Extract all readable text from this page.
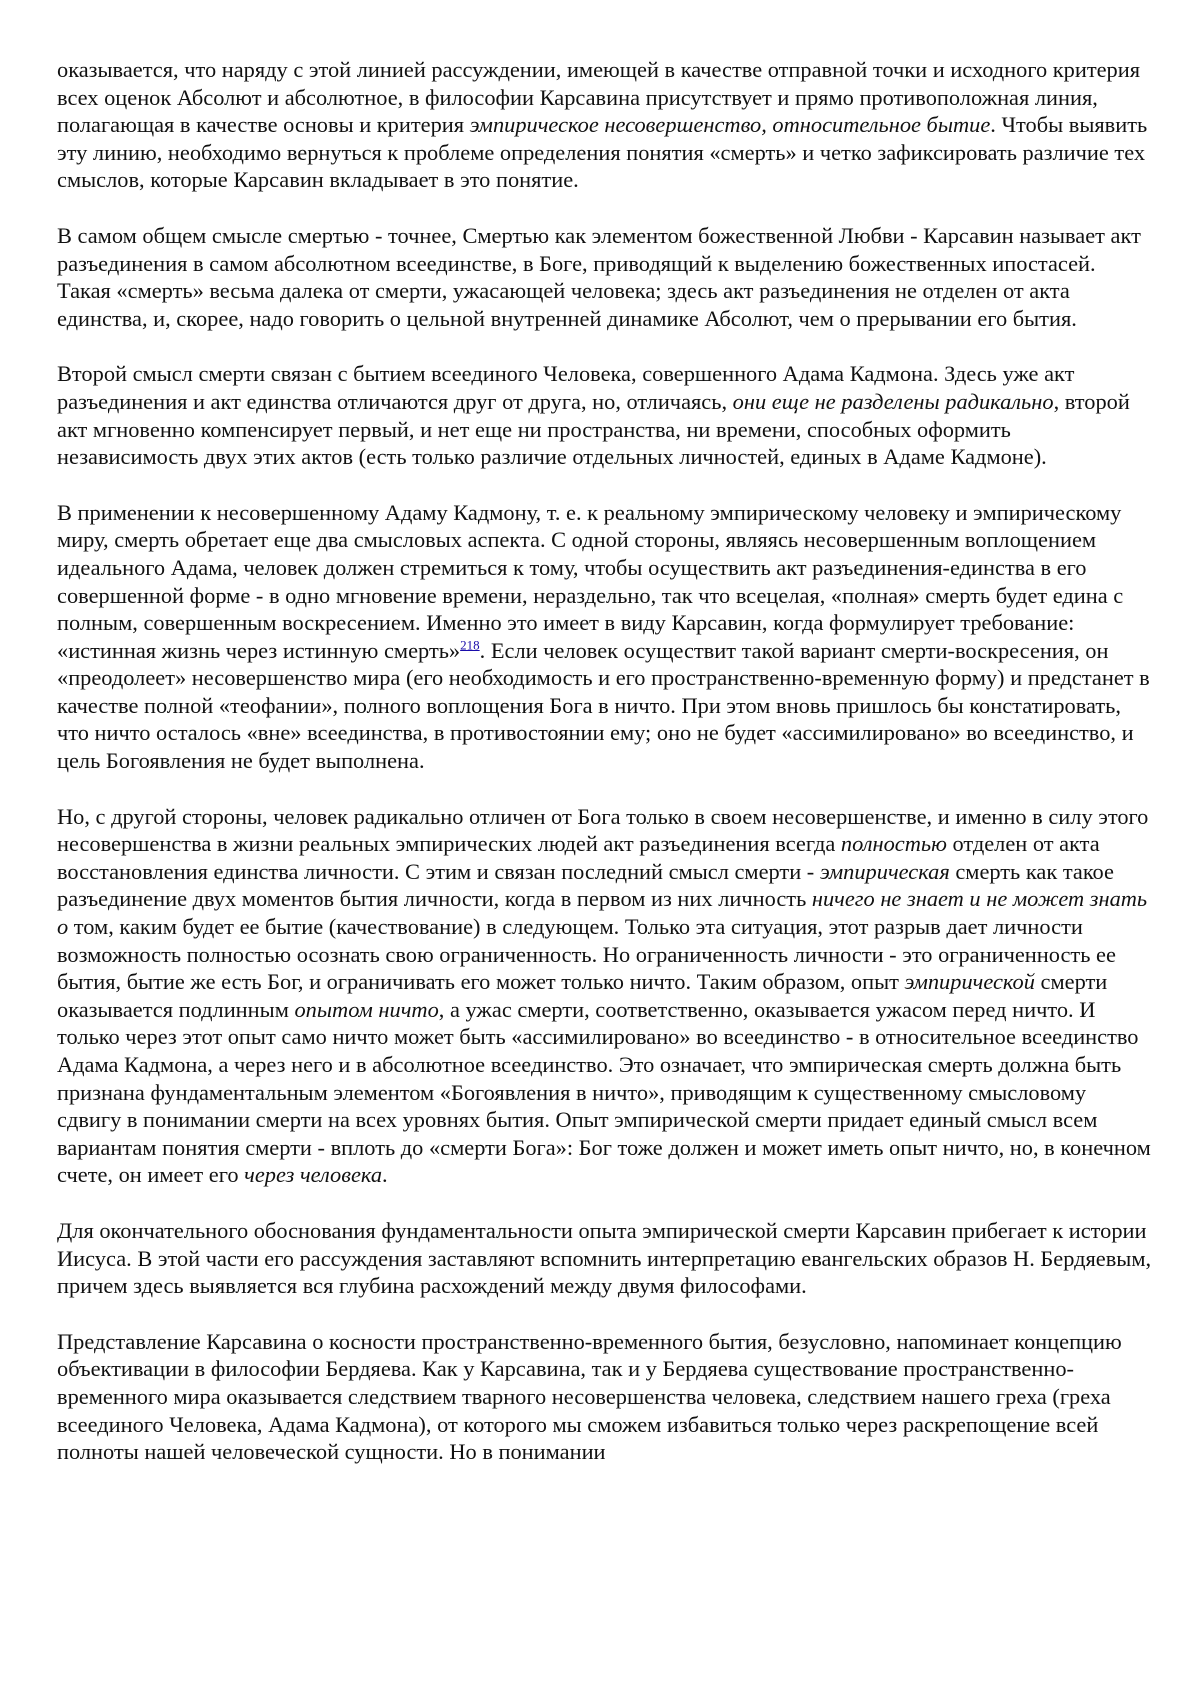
оказывается, что наряду с этой линией рассуждении, имеющей в качестве отправной точки и исходного критерия всех оценок Абсолют и абсолютное, в философии Карсавина присутствует и прямо противоположная линия, полагающая в качестве основы и критерия эмпирическое несовершенство, относительное бытие. Чтобы выявить эту линию, необходимо вернуться к проблеме определения понятия «смерть» и четко зафиксировать различие тех смыслов, которые Карсавин вкладывает в это понятие.

В самом общем смысле смертью - точнее, Смертью как элементом божественной Любви - Карсавин называет акт разъединения в самом абсолютном всеединстве, в Боге, приводящий к выделению божественных ипостасей. Такая «смерть» весьма далека от смерти, ужасающей человека; здесь акт разъединения не отделен от акта единства, и, скорее, надо говорить о цельной внутренней динамике Абсолют, чем о прерывании его бытия.

Второй смысл смерти связан с бытием всеединого Человека, совершенного Адама Кадмона. Здесь уже акт разъединения и акт единства отличаются друг от друга, но, отличаясь, они еще не разделены радикально, второй акт мгновенно компенсирует первый, и нет еще ни пространства, ни времени, способных оформить независимость двух этих актов (есть только различие отдельных личностей, единых в Адаме Кадмоне).

В применении к несовершенному Адаму Кадмону, т. е. к реальному эмпирическому человеку и эмпирическому миру, смерть обретает еще два смысловых аспекта. С одной стороны, являясь несовершенным воплощением идеального Адама, человек должен стремиться к тому, чтобы осуществить акт разъединения-единства в его совершенной форме - в одно мгновение времени, нераздельно, так что всецелая, «полная» смерть будет едина с полным, совершенным воскресением. Именно это имеет в виду Карсавин, когда формулирует требование: «истинная жизнь через истинную смерть»$^{218}$. Если человек осуществит такой вариант смерти-воскресения, он «преодолеет» несовершенство мира (его необходимость и его пространственно-временную форму) и предстанет в качестве полной «теофании», полного воплощения Бога в ничто. При этом вновь пришлось бы констатировать, что ничто осталось «вне» всеединства, в противостоянии ему; оно не будет «ассимилировано» во всеединство, и цель Богоявления не будет выполнена.

Но, с другой стороны, человек радикально отличен от Бога только в своем несовершенстве, и именно в силу этого несовершенства в жизни реальных эмпирических людей акт разъединения всегда полностью отделен от акта восстановления единства личности. С этим и связан последний смысл смерти - эмпирическая смерть как такое разъединение двух моментов бытия личности, когда в первом из них личность ничего не знает и не может знать о том, каким будет ее бытие (качествование) в следующем. Только эта ситуация, этот разрыв дает личности возможность полностью осознать свою ограниченность. Но ограниченность личности - это ограниченность ее бытия, бытие же есть Бог, и ограничивать его может только ничто. Таким образом, опыт эмпирической смерти оказывается подлинным опытом ничто, а ужас смерти, соответственно, оказывается ужасом перед ничто. И только через этот опыт само ничто может быть «ассимилировано» во всеединство - в относительное всеединство Адама Кадмона, а через него и в абсолютное всеединство. Это означает, что эмпирическая смерть должна быть признана фундаментальным элементом «Богоявления в ничто», приводящим к существенному смысловому сдвигу в понимании смерти на всех уровнях бытия. Опыт эмпирической смерти придает единый смысл всем вариантам понятия смерти - вплоть до «смерти Бога»: Бог тоже должен и может иметь опыт ничто, но, в конечном счете, он имеет его через человека.

Для окончательного обоснования фундаментальности опыта эмпирической смерти Карсавин прибегает к истории Иисуса. В этой части его рассуждения заставляют вспомнить интерпретацию евангельских образов Н. Бердяевым, причем здесь выявляется вся глубина расхождений между двумя философами.

Представление Карсавина о косности пространственно-временного бытия, безусловно, напоминает концепцию объективации в философии Бердяева. Как у Карсавина, так и у Бердяева существование пространственно-временного мира оказывается следствием тварного несовершенства человека, следствием нашего греха (греха всеединого Человека, Адама Кадмона), от которого мы сможем избавиться только через раскрепощение всей полноты нашей человеческой сущности. Но в понимании
